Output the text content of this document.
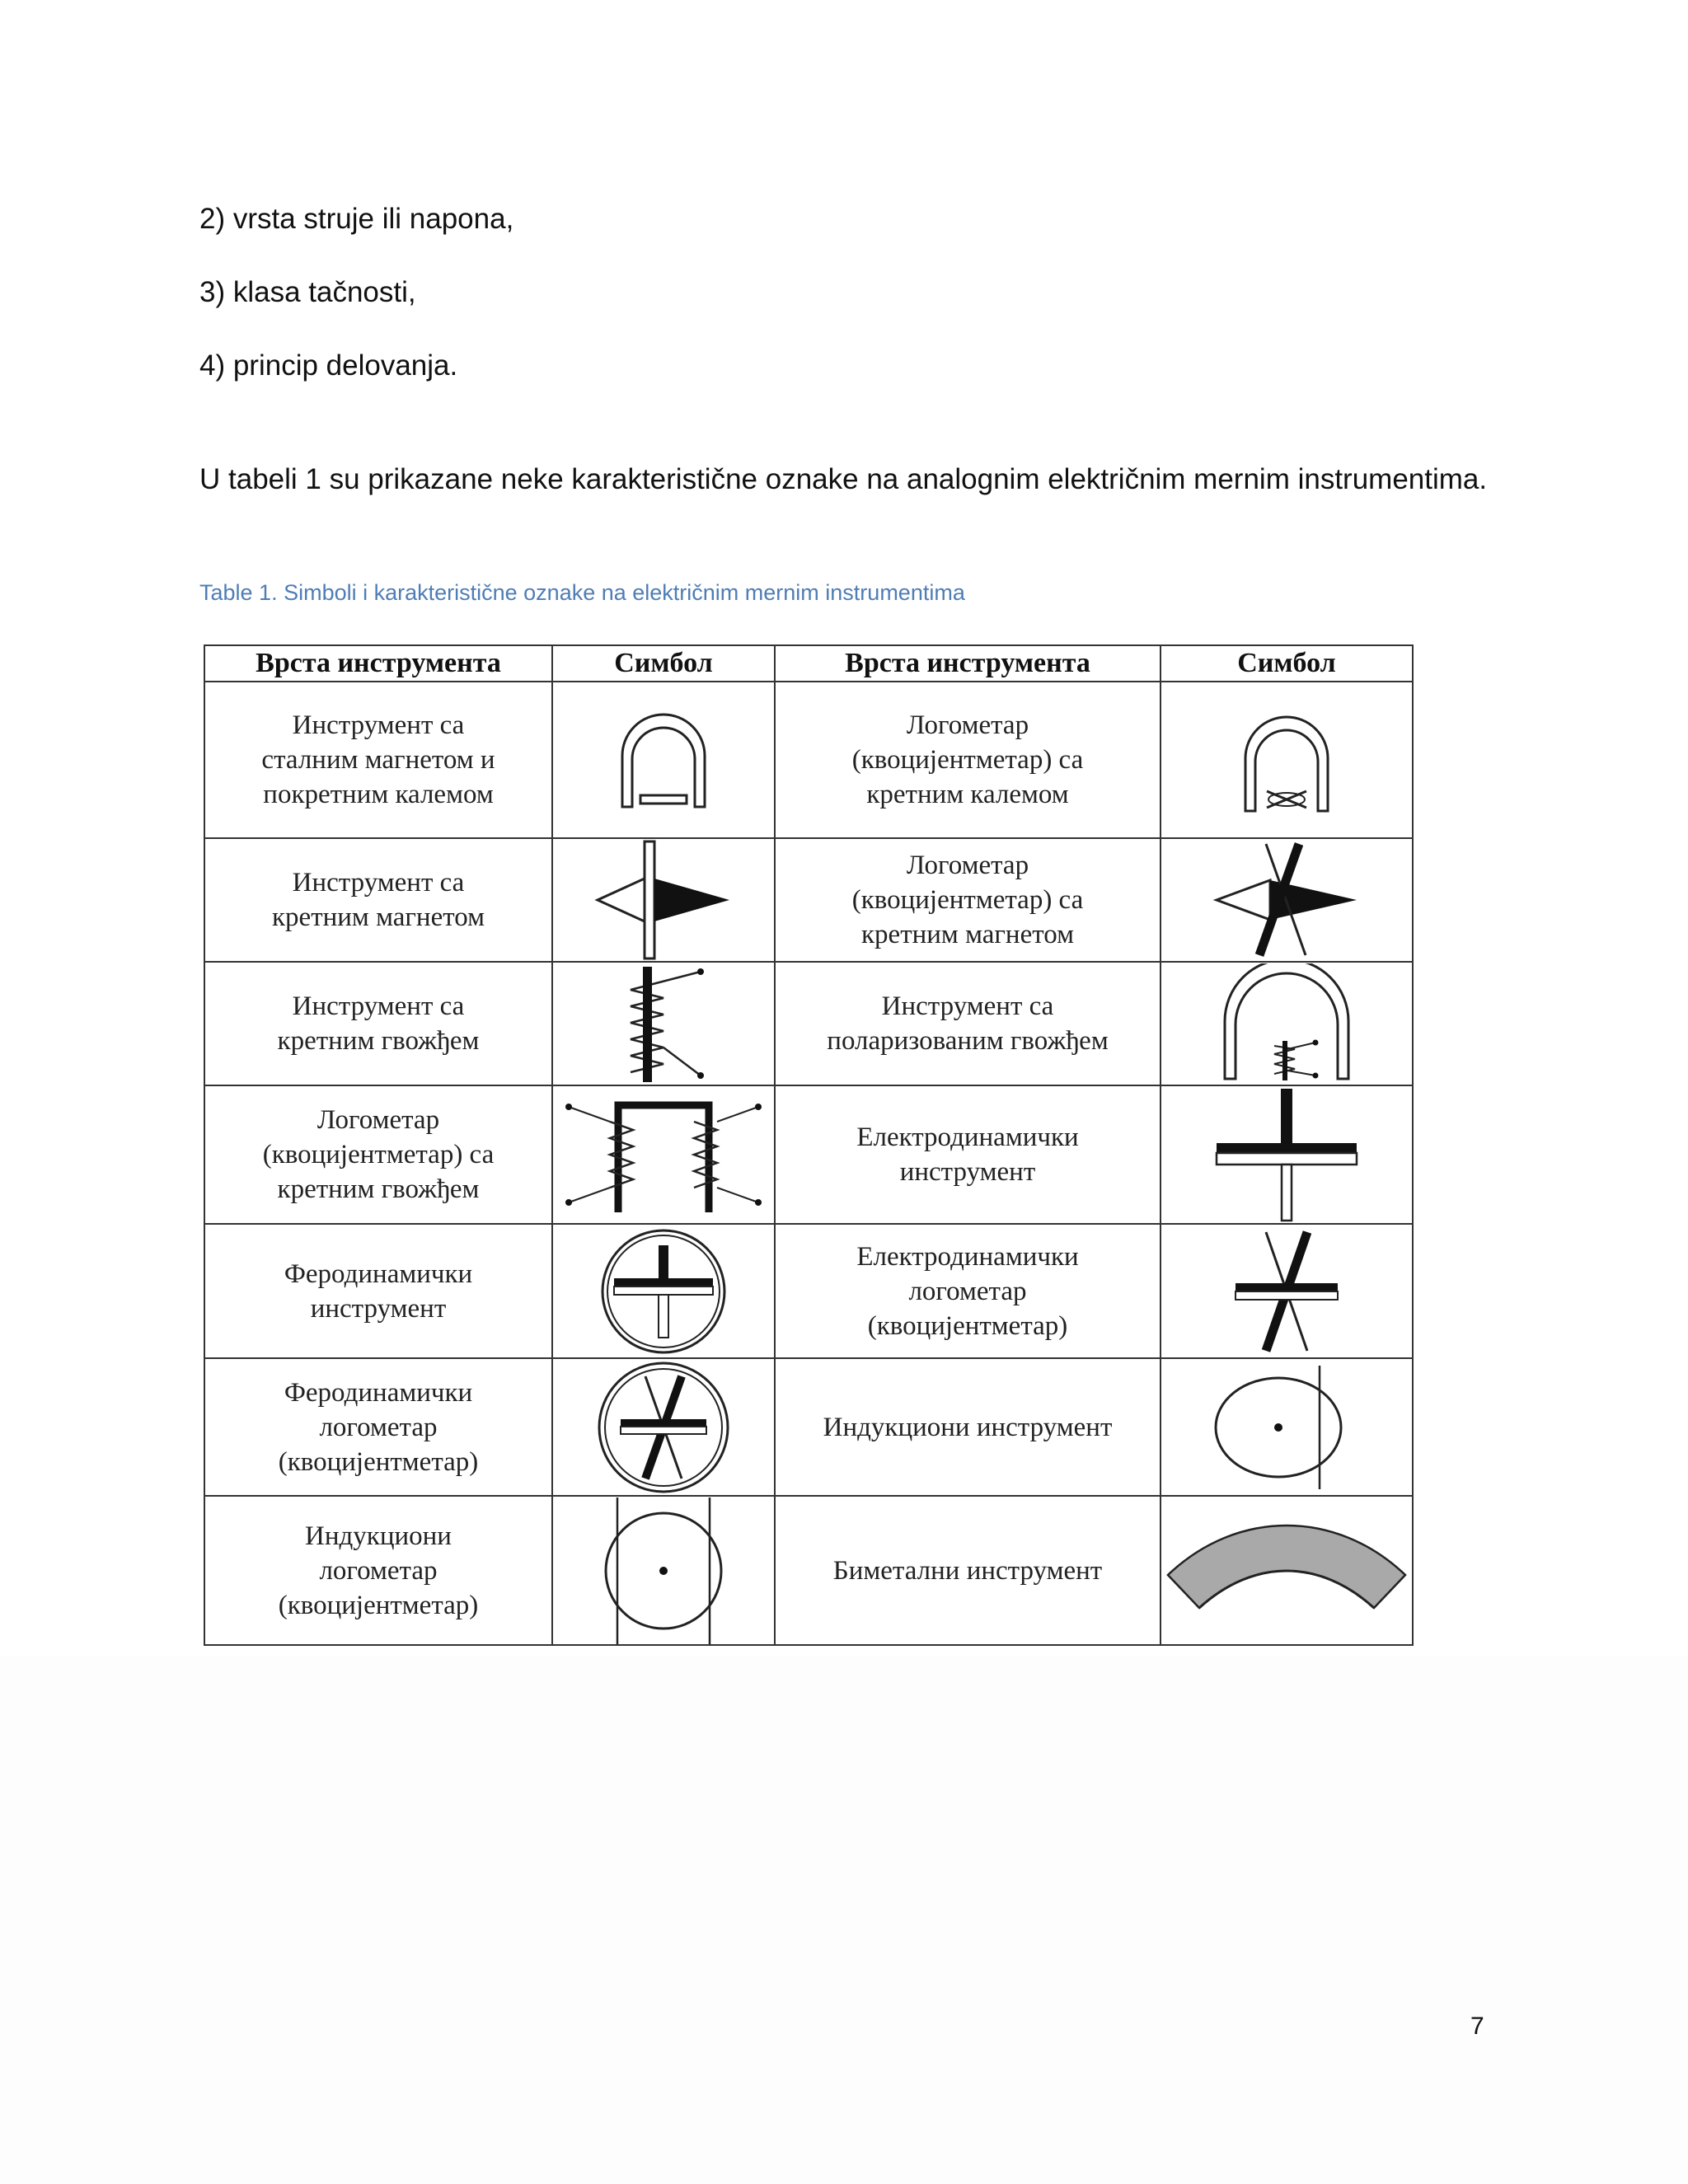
2) vrsta struje ili napona,
3) klasa tačnosti,
4) princip delovanja.
U tabeli 1 su prikazane neke karakteristične oznake na analognim električnim mernim instrumentima.
Table 1. Simboli i karakteristične oznake na električnim mernim instrumentima
Врста инструмента	Симбол	Врста инструмента	Симбол
Инструмент са
сталним магнетом и
покретним калемом		Логометар
(квоцијентметар) са
кретним калемом	

Инструмент са
кретним магнетом		Логометар
(квоцијентметар) са
кретним магнетом	

Инструмент са
кретним гвожђем		Инструмент са
поларизованим гвожђем	

Логометар
(квоцијентметар) са
кретним гвожђем		Електродинамички
инструмент	

Феродинамички
инструмент		Електродинамички
логометар
(квоцијентметар)	

Феродинамички
логометар
(квоцијентметар)		Индукциони инструмент	

Индукциони
логометар
(квоцијентметар)		Биметални инструмент	
7
